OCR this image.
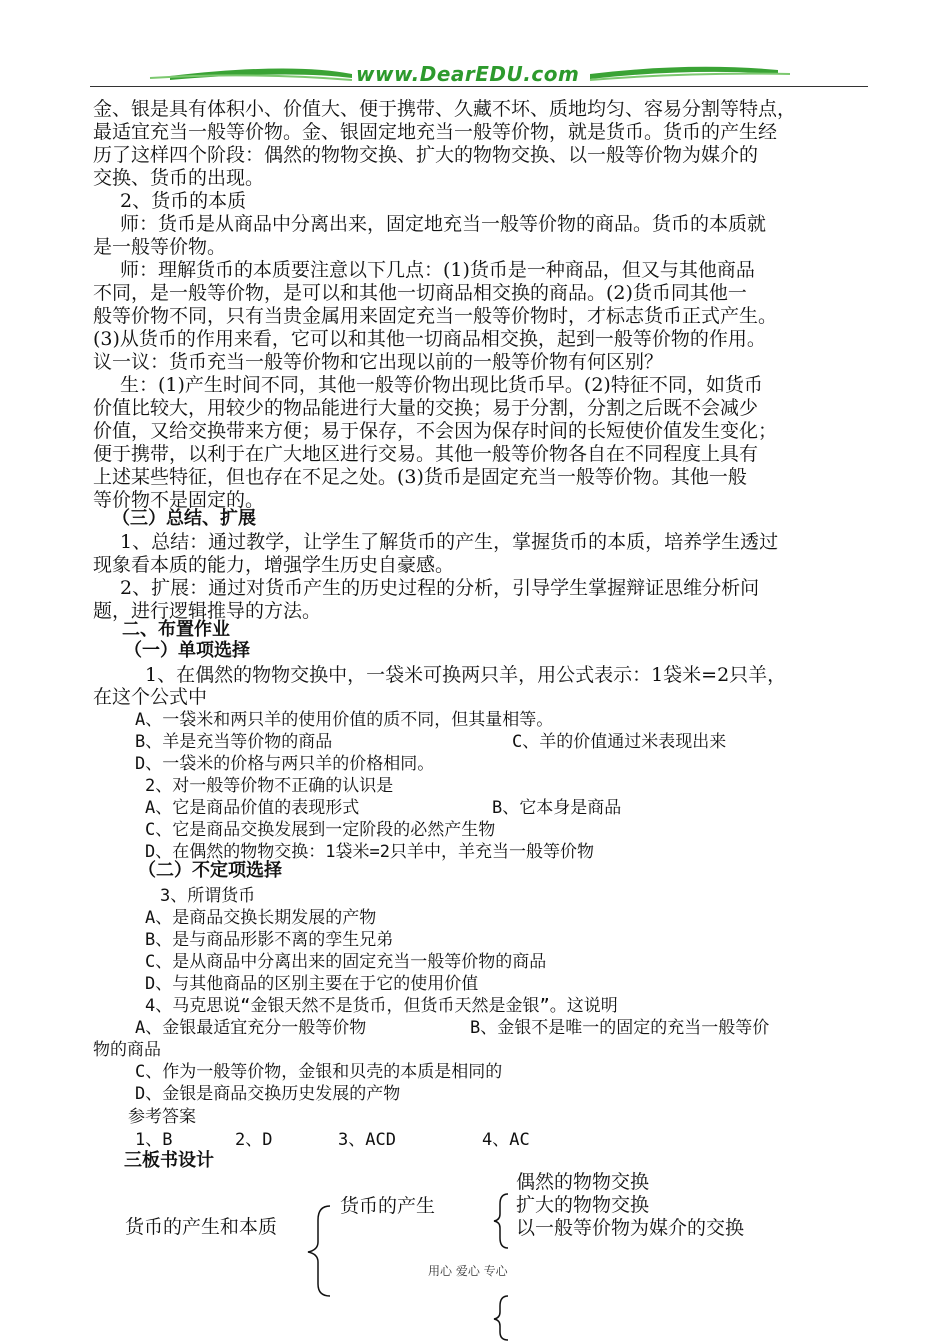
www.DearEDU.com
金、银是具有体积小、价值大、便于携带、久藏不坏、质地均匀、容易分割等特点，
最适宜充当一般等价物。金、银固定地充当一般等价物，就是货币。货币的产生经
历了这样四个阶段：偶然的物物交换、扩大的物物交换、以一般等价物为媒介的
交换、货币的出现。
2、货币的本质
师：货币是从商品中分离出来，固定地充当一般等价物的商品。货币的本质就
是一般等价物。
师：理解货币的本质要注意以下几点：(1)货币是一种商品，但又与其他商品
不同，是一般等价物，是可以和其他一切商品相交换的商品。(2)货币同其他一
般等价物不同，只有当贵金属用来固定充当一般等价物时，才标志货币正式产生。
(3)从货币的作用来看，它可以和其他一切商品相交换，起到一般等价物的作用。
议一议：货币充当一般等价物和它出现以前的一般等价物有何区别？
生：(1)产生时间不同，其他一般等价物出现比货币早。(2)特征不同，如货币
价值比较大，用较少的物品能进行大量的交换；易于分割，分割之后既不会减少
价值，又给交换带来方便；易于保存，不会因为保存时间的长短使价值发生变化；
便于携带，以利于在广大地区进行交易。其他一般等价物各自在不同程度上具有
上述某些特征，但也存在不足之处。(3)货币是固定充当一般等价物。其他一般
等价物不是固定的。
（三）总结、扩展
1、总结：通过教学，让学生了解货币的产生，掌握货币的本质，培养学生透过
现象看本质的能力，增强学生历史自豪感。
2、扩展：通过对货币产生的历史过程的分析，引导学生掌握辩证思维分析问
题，进行逻辑推导的方法。
二、布置作业
（一）单项选择
1、在偶然的物物交换中，一袋米可换两只羊，用公式表示：1袋米=2只羊，
在这个公式中
A、一袋米和两只羊的使用价值的质不同，但其量相等。
B、羊是充当等价物的商品	C、羊的价值通过米表现出来
D、一袋米的价格与两只羊的价格相同。
2、对一般等价物不正确的认识是
A、它是商品价值的表现形式	B、它本身是商品
C、它是商品交换发展到一定阶段的必然产生物
D、在偶然的物物交换：1袋米=2只羊中，羊充当一般等价物
（二）不定项选择
3、所谓货币
A、是商品交换长期发展的产物
B、是与商品形影不离的孪生兄弟
C、是从商品中分离出来的固定充当一般等价物的商品
D、与其他商品的区别主要在于它的使用价值
4、马克思说“金银天然不是货币，但货币天然是金银”。这说明
A、金银最适宜充分一般等价物	B、金银不是唯一的固定的充当一般等价
物的商品
C、作为一般等价物，金银和贝壳的本质是相同的
D、金银是商品交换历史发展的产物
参考答案
1、B	2、D	3、ACD	4、AC
三板书设计
货币的产生和本质
货币的产生
偶然的物物交换
扩大的物物交换
以一般等价物为媒介的交换
用心 爱心 专心
